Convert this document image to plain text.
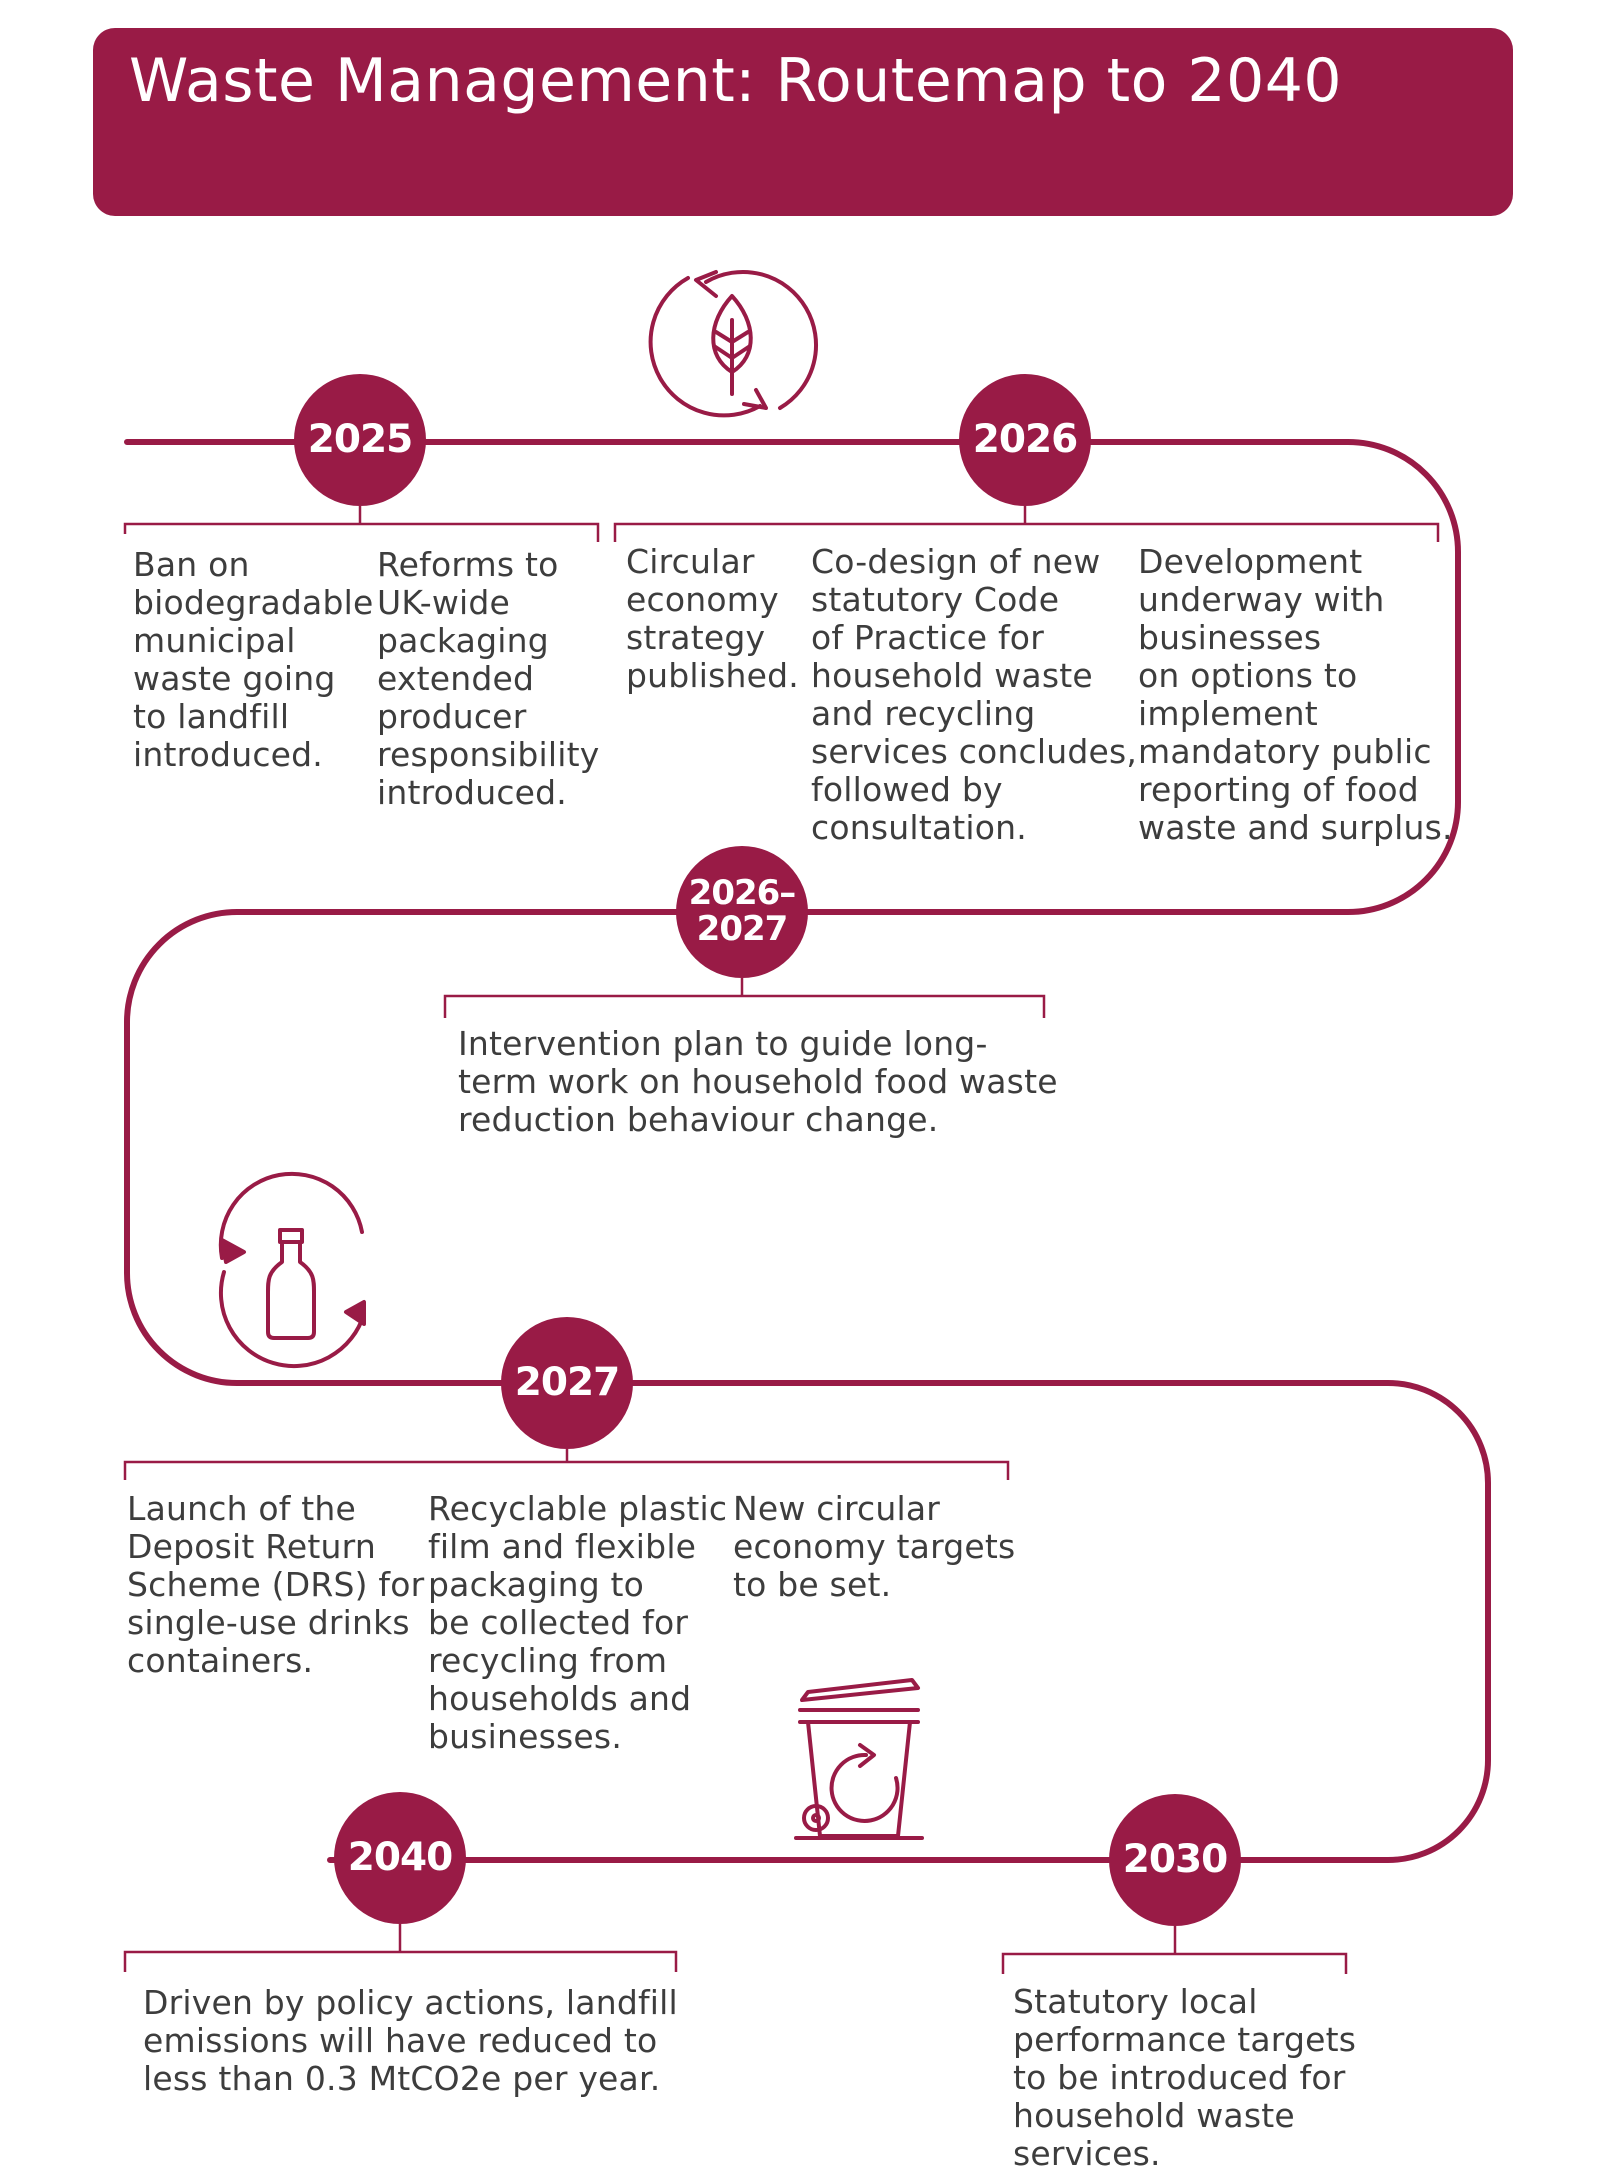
Waste Management: Routemap to 2040
2025	2026
2026–
2027
2027
2040	2030
Ban on
biodegradable
municipal
waste going
to landfill
introduced.
Reforms to
UK-wide
packaging
extended
producer
responsibility
introduced.
Circular
economy
strategy
published.
Co-design of new
statutory Code
of Practice for
household waste
and recycling
services concludes,
followed by
consultation.
Development
underway with
businesses
on options to
implement
mandatory public
reporting of food
waste and surplus.
Intervention plan to guide long-
term work on household food waste
reduction behaviour change.
Launch of the
Deposit Return
Scheme (DRS) for
single-use drinks
containers.
Recyclable plastic
film and flexible
packaging to
be collected for
recycling from
households and
businesses.
New circular
economy targets
to be set.
Driven by policy actions, landfill
emissions will have reduced to
less than 0.3 MtCO2e per year.
Statutory local
performance targets
to be introduced for
household waste
services.
